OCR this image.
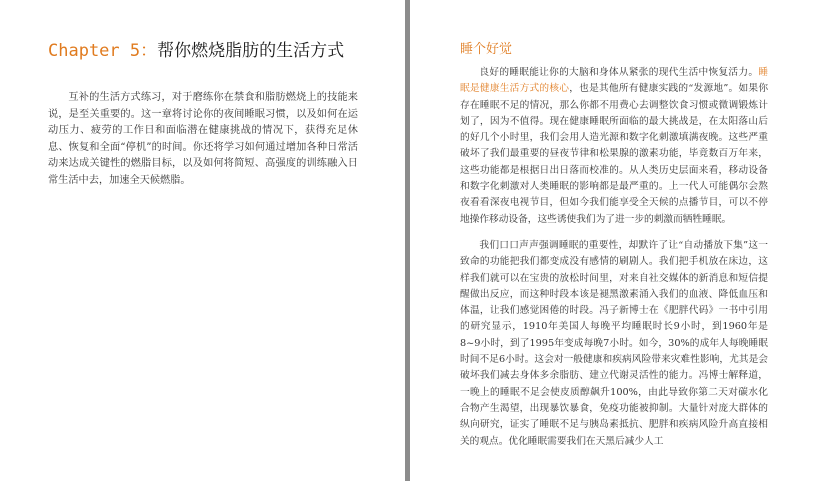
Chapter 5：帮你燃烧脂肪的生活方式

互补的生活方式练习，对于磨练你在禁食和脂肪燃烧上的技能来说，是至关重要的。这一章将讨论你的夜间睡眠习惯，以及如何在运动压力、疲劳的工作日和面临潜在健康挑战的情况下，获得充足休息、恢复和全面“停机”的时间。你还将学习如何通过增加各种日常活动来达成关键性的燃脂目标，以及如何将简短、高强度的训练融入日常生活中去，加速全天候燃脂。

睡个好觉

良好的睡眠能让你的大脑和身体从紧张的现代生活中恢复活力。睡眠是健康生活方式的核心，也是其他所有健康实践的“发源地”。如果你存在睡眠不足的情况，那么你都不用费心去调整饮食习惯或微调锻炼计划了，因为不值得。现在健康睡眠所面临的最大挑战是，在太阳落山后的好几个小时里，我们会用人造光源和数字化刺激填满夜晚。这些严重破坏了我们最重要的昼夜节律和松果腺的激素功能，毕竟数百万年来，这些功能都是根据日出日落而校准的。从人类历史层面来看，移动设备和数字化刺激对人类睡眠的影响都是最严重的。上一代人可能偶尔会熬夜看看深夜电视节目，但如今我们能享受全天候的点播节目，可以不停地操作移动设备，这些诱使我们为了进一步的刺激而牺牲睡眠。

我们口口声声强调睡眠的重要性，却默许了让“自动播放下集”这一致命的功能把我们都变成没有感情的刷剧人。我们把手机放在床边，这样我们就可以在宝贵的放松时间里，对来自社交媒体的新消息和短信提醒做出反应，而这种时段本该是褪黑激素涌入我们的血液、降低血压和体温，让我们感觉困倦的时段。冯子新博士在《肥胖代码》一书中引用的研究显示，1910年美国人每晚平均睡眠时长9小时，到1960年是8~9小时，到了1995年变成每晚7小时。如今，30%的成年人每晚睡眠时间不足6小时。这会对一般健康和疾病风险带来灾难性影响，尤其是会破坏我们减去身体多余脂肪、建立代谢灵活性的能力。冯博士解释道，一晚上的睡眠不足会使皮质醇飙升100%，由此导致你第二天对碳水化合物产生渴望，出现暴饮暴食，免疫功能被抑制。大量针对庞大群体的纵向研究，证实了睡眠不足与胰岛素抵抗、肥胖和疾病风险升高直接相关的观点。优化睡眠需要我们在天黑后减少人工
